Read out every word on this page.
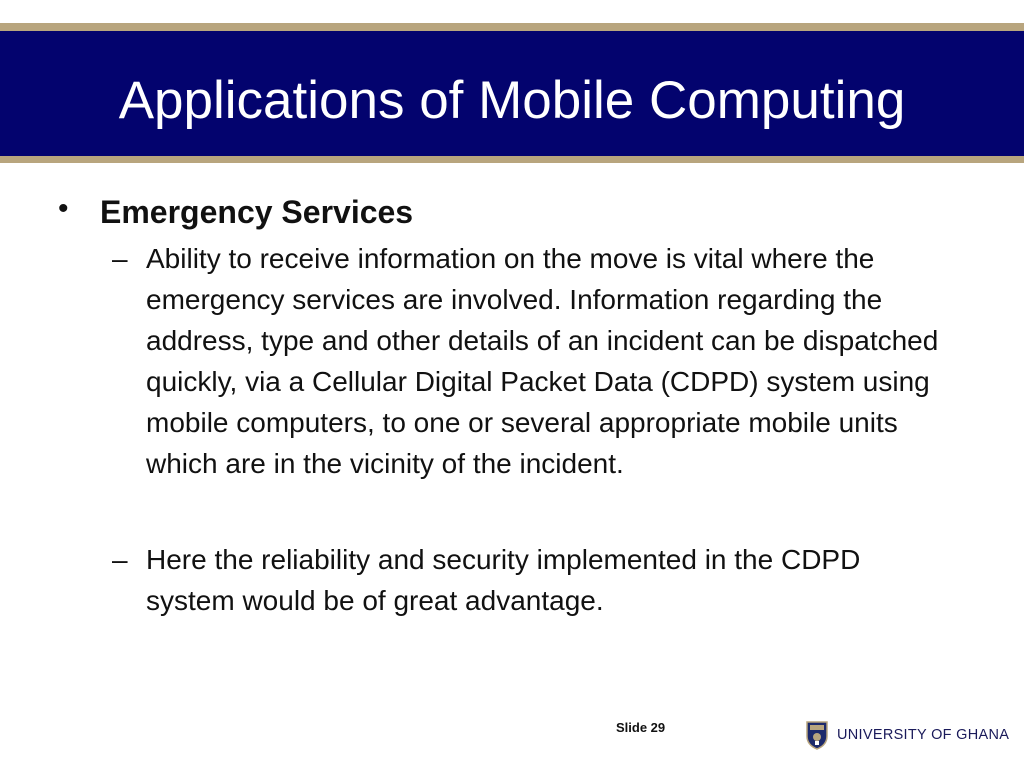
Applications of Mobile Computing
• Emergency Services
– Ability to receive information on the move is vital where the emergency services are involved. Information regarding the address, type and other details of an incident can be dispatched quickly, via a Cellular Digital Packet Data (CDPD) system using mobile computers, to one or several appropriate mobile units which are in the vicinity of the incident.
– Here the reliability and security implemented in the CDPD system would be of great advantage.
Slide 29	UNIVERSITY OF GHANA
